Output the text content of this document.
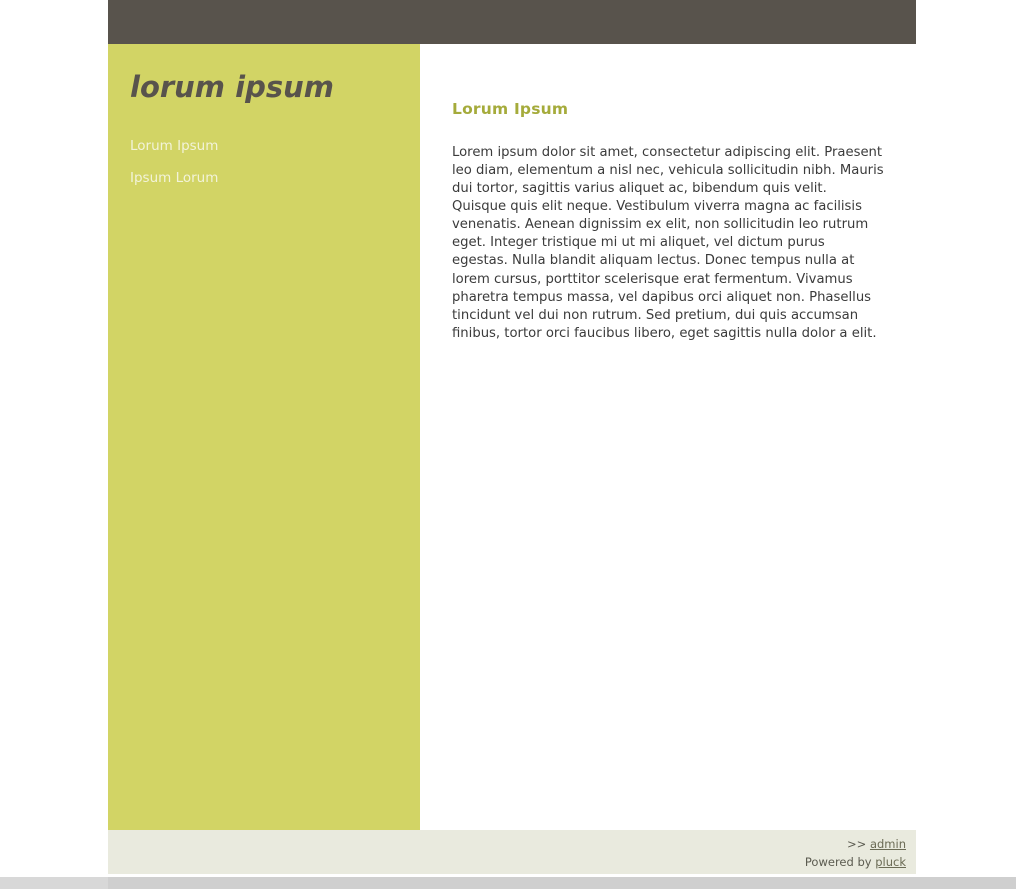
lorum ipsum
Lorum Ipsum
Ipsum Lorum
Lorum Ipsum

Lorem ipsum dolor sit amet, consectetur adipiscing elit. Praesent leo diam, elementum a nisl nec, vehicula sollicitudin nibh. Mauris dui tortor, sagittis varius aliquet ac, bibendum quis velit. Quisque quis elit neque. Vestibulum viverra magna ac facilisis venenatis. Aenean dignissim ex elit, non sollicitudin leo rutrum eget. Integer tristique mi ut mi aliquet, vel dictum purus egestas. Nulla blandit aliquam lectus. Donec tempus nulla at lorem cursus, porttitor scelerisque erat fermentum. Vivamus pharetra tempus massa, vel dapibus orci aliquet non. Phasellus tincidunt vel dui non rutrum. Sed pretium, dui quis accumsan finibus, tortor orci faucibus libero, eget sagittis nulla dolor a elit.

>> admin
Powered by pluck
